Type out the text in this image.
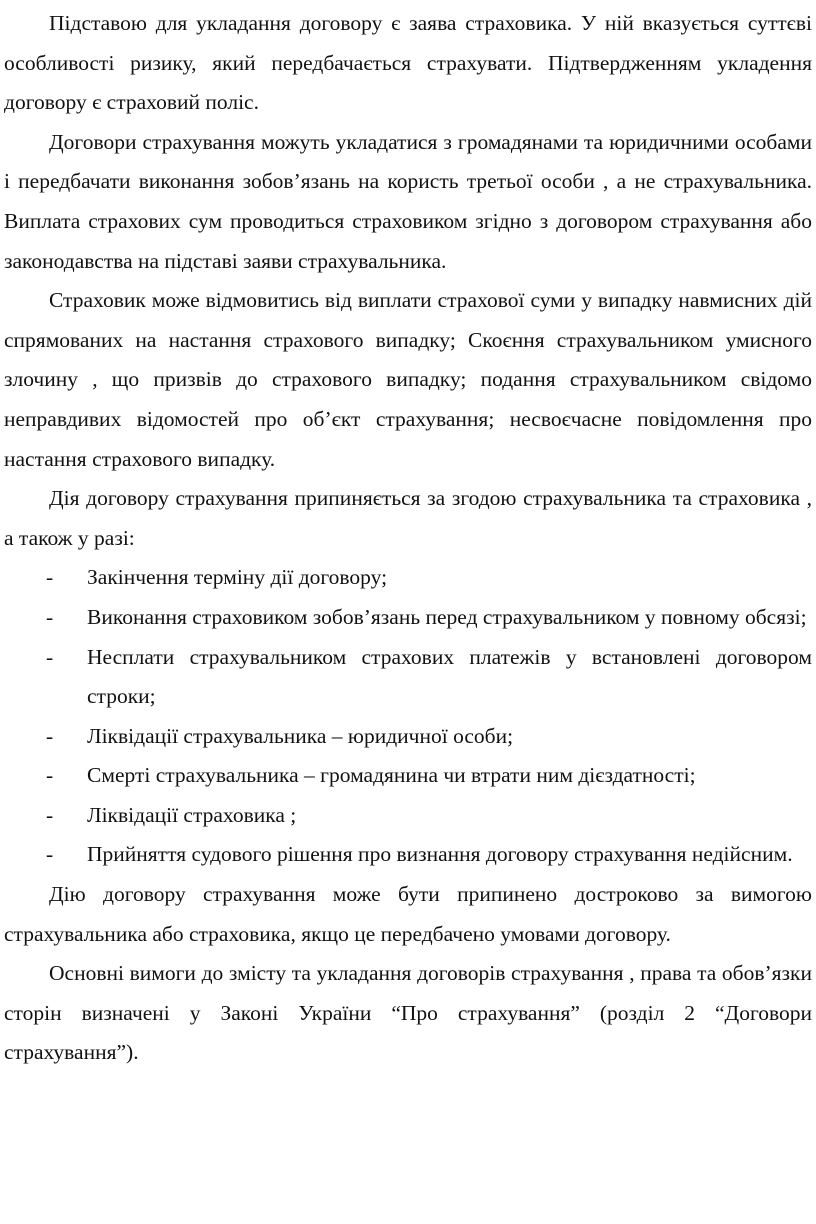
Підставою для укладання договору є заява страховика. У ній вказується суттєві особливості ризику, який передбачається страхувати. Підтвердженням укладення договору є страховий поліс.

Договори страхування можуть укладатися з громадянами та юридичними особами і передбачати виконання зобов’язань на користь третьої особи , а не страхувальника. Виплата страхових сум проводиться страховиком згідно з договором страхування або законодавства на підставі заяви страхувальника.

Страховик може відмовитись від виплати страхової суми у випадку навмисних дій спрямованих на настання страхового випадку; Скоєння страхувальником умисного злочину , що призвів до страхового випадку; подання страхувальником свідомо неправдивих відомостей про об’єкт страхування; несвоєчасне повідомлення про настання страхового випадку.

Дія договору страхування припиняється за згодою страхувальника та страховика , а також у разі:

- Закінчення терміну дії договору;
- Виконання страховиком зобов’язань перед страхувальником у повному обсязі;
- Несплати страхувальником страхових платежів у встановлені договором строки;
- Ліквідації страхувальника – юридичної особи;
- Смерті страхувальника – громадянина чи втрати ним дієздатності;
- Ліквідації страховика ;
- Прийняття судового рішення про визнання договору страхування недійсним.

Дію договору страхування може бути припинено достроково за вимогою страхувальника або страховика, якщо це передбачено умовами договору.

Основні вимоги до змісту та укладання договорів страхування , права та обов’язки сторін визначені у Законі України “Про страхування” (розділ 2 “Договори страхування”).
